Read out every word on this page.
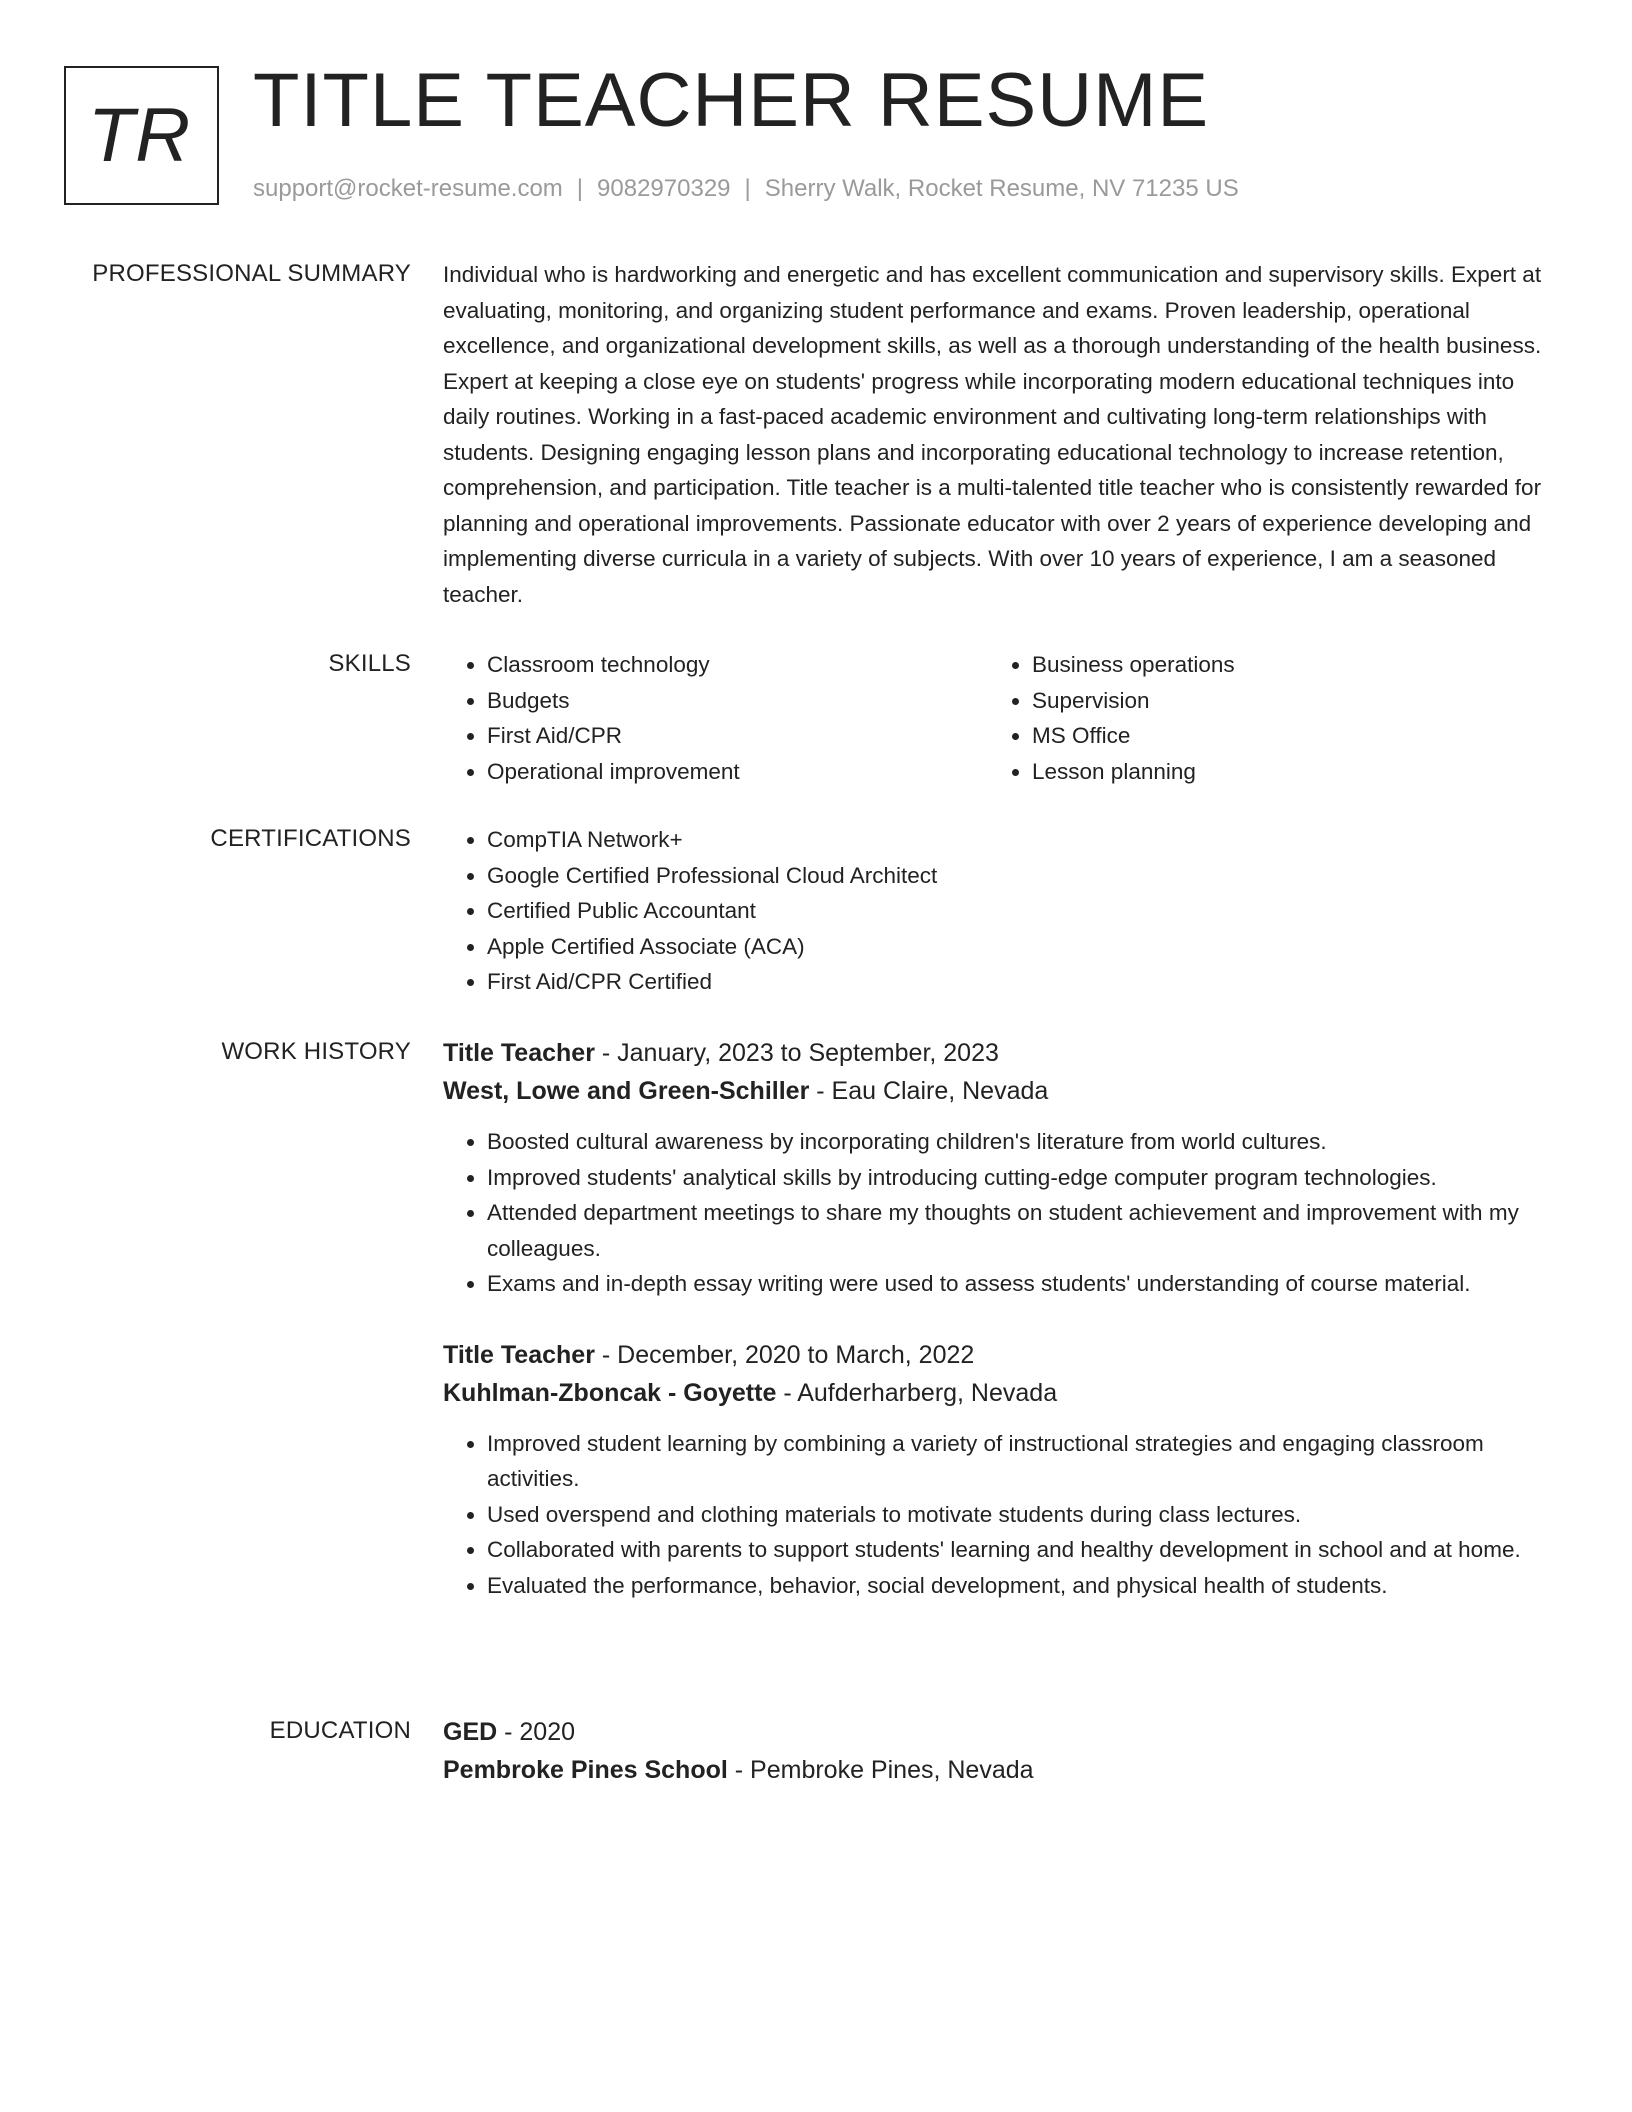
TR TITLE TEACHER RESUME
support@rocket-resume.com | 9082970329 | Sherry Walk, Rocket Resume, NV 71235 US
PROFESSIONAL SUMMARY Individual who is hardworking and energetic and has excellent communication and supervisory skills. Expert at evaluating, monitoring, and organizing student performance and exams. Proven leadership, operational excellence, and organizational development skills, as well as a thorough understanding of the health business. Expert at keeping a close eye on students' progress while incorporating modern educational techniques into daily routines. Working in a fast-paced academic environment and cultivating long-term relationships with students. Designing engaging lesson plans and incorporating educational technology to increase retention, comprehension, and participation. Title teacher is a multi-talented title teacher who is consistently rewarded for planning and operational improvements. Passionate educator with over 2 years of experience developing and implementing diverse curricula in a variety of subjects. With over 10 years of experience, I am a seasoned teacher.

SKILLS	• Classroom technology
• Budgets
• First Aid/CPR
• Operational improvement
• Business operations
• Supervision
• MS Office
• Lesson planning
CERTIFICATIONS	• CompTIA Network+
• Google Certified Professional Cloud Architect
• Certified Public Accountant
• Apple Certified Associate (ACA)
• First Aid/CPR Certified
WORK HISTORY Title Teacher - January, 2023 to September, 2023
West, Lowe and Green-Schiller - Eau Claire, Nevada
• Boosted cultural awareness by incorporating children's literature from world cultures.
• Improved students' analytical skills by introducing cutting-edge computer program technologies.
• Attended department meetings to share my thoughts on student achievement and improvement with my colleagues.
• Exams and in-depth essay writing were used to assess students' understanding of course material.
Title Teacher - December, 2020 to March, 2022
Kuhlman-Zboncak - Goyette - Aufderharberg, Nevada
• Improved student learning by combining a variety of instructional strategies and engaging classroom activities.
• Used overspend and clothing materials to motivate students during class lectures.
• Collaborated with parents to support students' learning and healthy development in school and at home.
• Evaluated the performance, behavior, social development, and physical health of students.
EDUCATION GED - 2020
Pembroke Pines School - Pembroke Pines, Nevada
